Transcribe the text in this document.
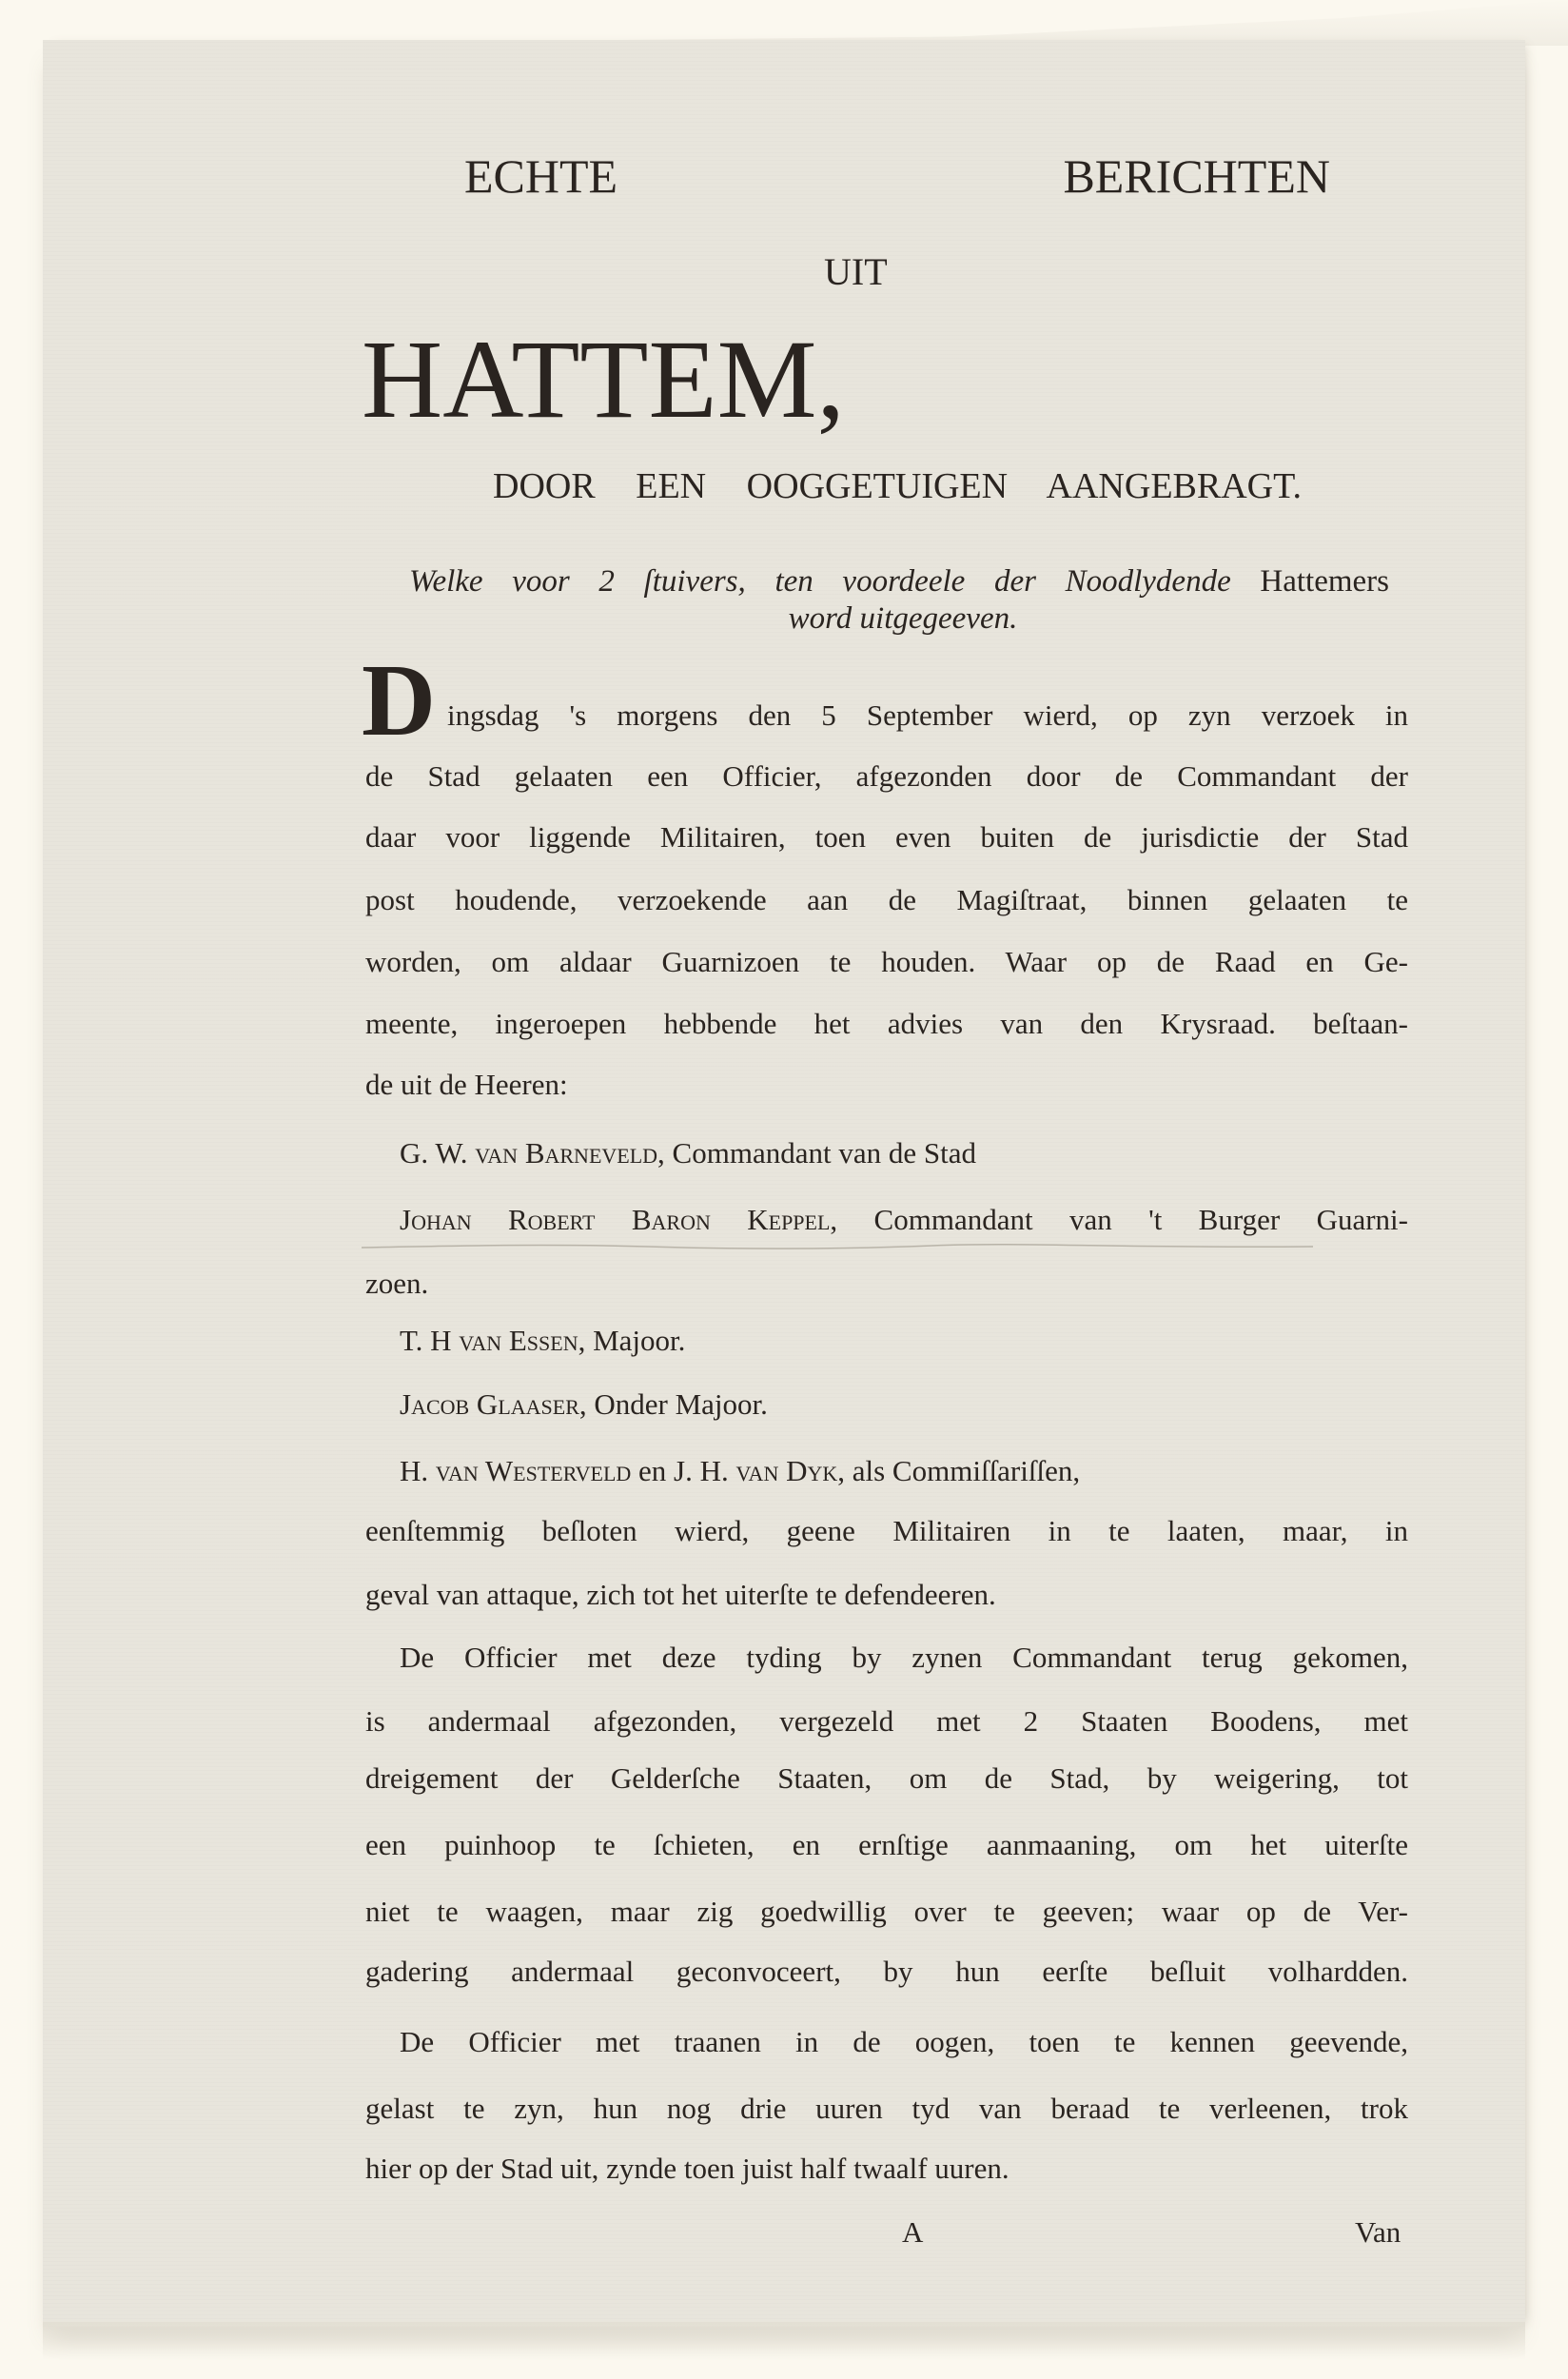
ECHTE BERICHTEN
UIT
HATTEM,
DOOR EEN OOGGETUIGEN AANGEBRAGT.
Welke voor 2 ſtuivers, ten voordeele der Noodlydende Hattemers
word uitgegeeven.
D ingsdag 's morgens den 5 September wierd, op zyn verzoek in
de Stad gelaaten een Officier, afgezonden door de Commandant der
daar voor liggende Militairen, toen even buiten de jurisdictie der Stad
post houdende, verzoekende aan de Magiſtraat, binnen gelaaten te
worden, om aldaar Guarnizoen te houden. Waar op de Raad en Ge-
meente, ingeroepen hebbende het advies van den Krysraad. beſtaan-
de uit de Heeren:
G. W. van Barneveld, Commandant van de Stad
Johan Robert Baron Keppel, Commandant van 't Burger Guarni-
zoen.
T. H van Essen, Majoor.
Jacob Glaaser, Onder Majoor.
H. van Westerveld en J. H. van Dyk, als Commiſſariſſen,
eenſtemmig beſloten wierd, geene Militairen in te laaten, maar, in
geval van attaque, zich tot het uiterſte te defendeeren.
De Officier met deze tyding by zynen Commandant terug gekomen,
is andermaal afgezonden, vergezeld met 2 Staaten Boodens, met
dreigement der Gelderſche Staaten, om de Stad, by weigering, tot
een puinhoop te ſchieten, en ernſtige aanmaaning, om het uiterſte
niet te waagen, maar zig goedwillig over te geeven; waar op de Ver-
gadering andermaal geconvoceert, by hun eerſte beſluit volhardden.
De Officier met traanen in de oogen, toen te kennen geevende,
gelast te zyn, hun nog drie uuren tyd van beraad te verleenen, trok
hier op der Stad uit, zynde toen juist half twaalf uuren.
A	Van
